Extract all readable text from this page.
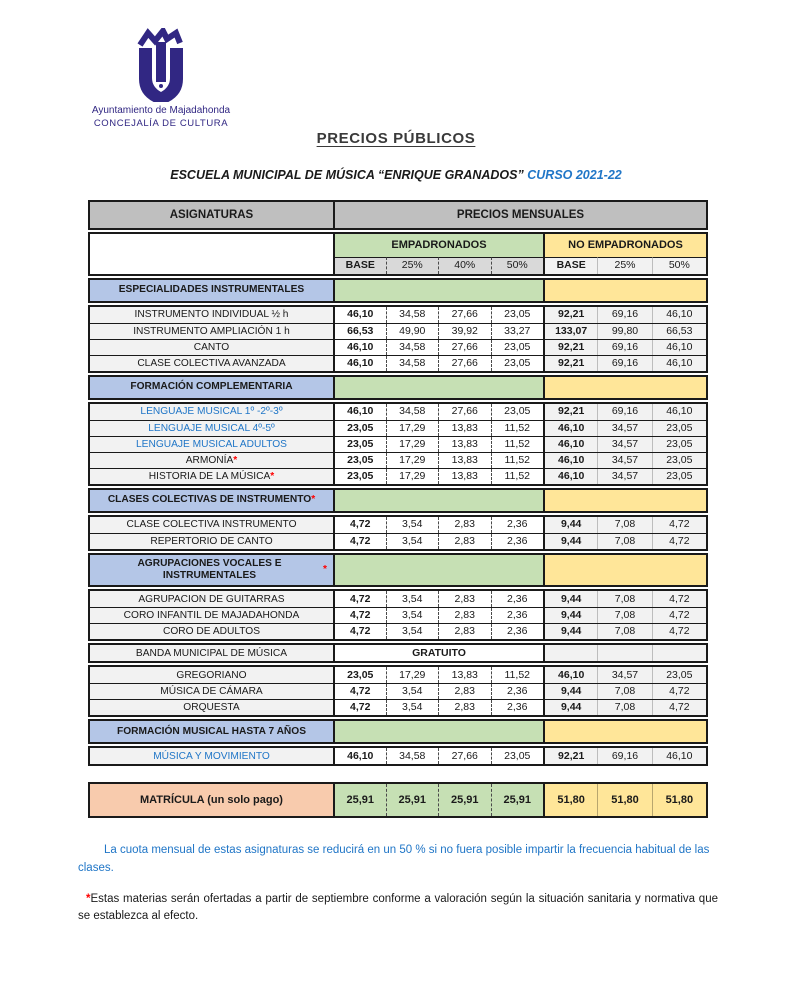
Ayuntamiento de Majadahonda
CONCEJALÍA DE CULTURA
PRECIOS PÚBLICOS
ESCUELA MUNICIPAL DE MÚSICA “ENRIQUE GRANADOS” CURSO 2021-22
ASIGNATURAS	PRECIOS MENSUALES
EMPADRONADOS	NO EMPADRONADOS
BASE	25%	40%	50%	BASE	25%	50%
ESPECIALIDADES INSTRUMENTALES
INSTRUMENTO INDIVIDUAL ½ h	46,10	34,58	27,66	23,05	92,21	69,16	46,10
INSTRUMENTO AMPLIACIÓN 1 h	66,53	49,90	39,92	33,27	133,07	99,80	66,53
CANTO	46,10	34,58	27,66	23,05	92,21	69,16	46,10
CLASE COLECTIVA AVANZADA	46,10	34,58	27,66	23,05	92,21	69,16	46,10
FORMACIÓN COMPLEMENTARIA
LENGUAJE MUSICAL 1º -2º-3º	46,10	34,58	27,66	23,05	92,21	69,16	46,10
LENGUAJE MUSICAL 4º-5º	23,05	17,29	13,83	11,52	46,10	34,57	23,05
LENGUAJE MUSICAL ADULTOS	23,05	17,29	13,83	11,52	46,10	34,57	23,05
ARMONÍA *	23,05	17,29	13,83	11,52	46,10	34,57	23,05
HISTORIA DE LA MÚSICA *	23,05	17,29	13,83	11,52	46,10	34,57	23,05
CLASES COLECTIVAS DE INSTRUMENTO *
CLASE COLECTIVA INSTRUMENTO	4,72	3,54	2,83	2,36	9,44	7,08	4,72
REPERTORIO DE CANTO	4,72	3,54	2,83	2,36	9,44	7,08	4,72
AGRUPACIONES VOCALES E INSTRUMENTALES
*
AGRUPACION DE GUITARRAS	4,72	3,54	2,83	2,36	9,44	7,08	4,72
CORO INFANTIL DE MAJADAHONDA	4,72	3,54	2,83	2,36	9,44	7,08	4,72
CORO DE ADULTOS	4,72	3,54	2,83	2,36	9,44	7,08	4,72
BANDA MUNICIPAL DE MÚSICA	GRATUITO
GREGORIANO	23,05	17,29	13,83	11,52	46,10	34,57	23,05
MÚSICA DE CÁMARA	4,72	3,54	2,83	2,36	9,44	7,08	4,72
ORQUESTA	4,72	3,54	2,83	2,36	9,44	7,08	4,72
FORMACIÓN MUSICAL HASTA 7 AÑOS
MÚSICA Y MOVIMIENTO	46,10	34,58	27,66	23,05	92,21	69,16	46,10
MATRÍCULA (un solo pago)	25,91	25,91	25,91	25,91	51,80	51,80	51,80

La cuota mensual de estas asignaturas se reducirá en un 50 % si no fuera posible impartir la frecuencia habitual de las clases.

*Estas materias serán ofertadas a partir de septiembre conforme a valoración según la situación sanitaria y normativa que se establezca al efecto.
